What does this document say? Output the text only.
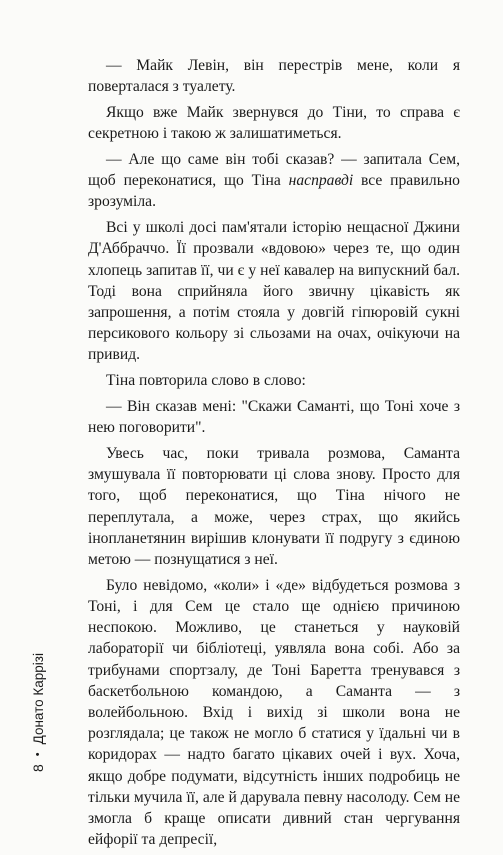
— Майк Левін, він перестрів мене, коли я поверталася з туалету.

Якщо вже Майк звернувся до Тіни, то справа є секретною і такою ж залишатиметься.

— Але що саме він тобі сказав? — запитала Сем, щоб переконатися, що Тіна насправді все правильно зрозуміла.

Всі у школі досі пам'ятали історію нещасної Джини Д'Аббраччо. Її прозвали «вдовою» через те, що один хлопець запитав її, чи є у неї кавалер на випускний бал. Тоді вона сприйняла його звичну цікавість як запрошення, а потім стояла у довгій гіпюровій сукні персикового кольору зі сльозами на очах, очікуючи на привид.

Тіна повторила слово в слово:

— Він сказав мені: "Скажи Саманті, що Тоні хоче з нею поговорити".

Увесь час, поки тривала розмова, Саманта змушувала її повторювати ці слова знову. Просто для того, щоб переконатися, що Тіна нічого не переплутала, а може, через страх, що якийсь інопланетянин вирішив клонувати її подругу з єдиною метою — познущатися з неї.

Було невідомо, «коли» і «де» відбудеться розмова з Тоні, і для Сем це стало ще однією причиною неспокою. Можливо, це станеться у науковій лабораторії чи бібліотеці, уявляла вона собі. Або за трибунами спортзалу, де Тоні Баретта тренувався з баскетбольною командою, а Саманта — з волейбольною. Вхід і вихід зі школи вона не розглядала; це також не могло б статися у їдальні чи в коридорах — надто багато цікавих очей і вух. Хоча, якщо добре подумати, відсутність інших подробиць не тільки мучила її, але й дарувала певну насолоду. Сем не змогла б краще описати дивний стан чергування ейфорії та депресії,

8
•
Донато Каррізі
